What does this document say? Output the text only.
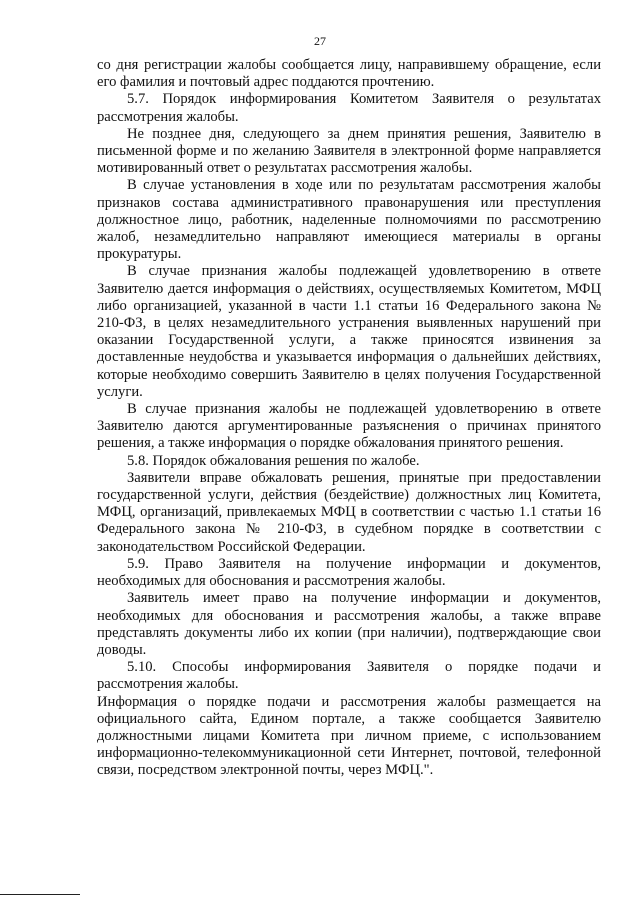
27

со дня регистрации жалобы сообщается лицу, направившему обращение, если его фамилия и почтовый адрес поддаются прочтению.

5.7. Порядок информирования Комитетом Заявителя о результатах рассмотрения жалобы.

Не позднее дня, следующего за днем принятия решения, Заявителю в письменной форме и по желанию Заявителя в электронной форме направляется мотивированный ответ о результатах рассмотрения жалобы.

В случае установления в ходе или по результатам рассмотрения жалобы признаков состава административного правонарушения или преступления должностное лицо, работник, наделенные полномочиями по рассмотрению жалоб, незамедлительно направляют имеющиеся материалы в органы прокуратуры.

В случае признания жалобы подлежащей удовлетворению в ответе Заявителю дается информация о действиях, осуществляемых Комитетом, МФЦ либо организацией, указанной в части 1.1 статьи 16 Федерального закона № 210-ФЗ, в целях незамедлительного устранения выявленных нарушений при оказании Государственной услуги, а также приносятся извинения за доставленные неудобства и указывается информация о дальнейших действиях, которые необходимо совершить Заявителю в целях получения Государственной услуги.

В случае признания жалобы не подлежащей удовлетворению в ответе Заявителю даются аргументированные разъяснения о причинах принятого решения, а также информация о порядке обжалования принятого решения.

5.8. Порядок обжалования решения по жалобе.

Заявители вправе обжаловать решения, принятые при предоставлении государственной услуги, действия (бездействие) должностных лиц Комитета, МФЦ, организаций, привлекаемых МФЦ в соответствии с частью 1.1 статьи 16 Федерального закона № 210-ФЗ, в судебном порядке в соответствии с законодательством Российской Федерации.

5.9. Право Заявителя на получение информации и документов, необходимых для обоснования и рассмотрения жалобы.

Заявитель имеет право на получение информации и документов, необходимых для обоснования и рассмотрения жалобы, а также вправе представлять документы либо их копии (при наличии), подтверждающие свои доводы.

5.10. Способы информирования Заявителя о порядке подачи и рассмотрения жалобы.

Информация о порядке подачи и рассмотрения жалобы размещается на официального сайта, Едином портале, а также сообщается Заявителю должностными лицами Комитета при личном приеме, с использованием информационно-телекоммуникационной сети Интернет, почтовой, телефонной связи, посредством электронной почты, через МФЦ.".
